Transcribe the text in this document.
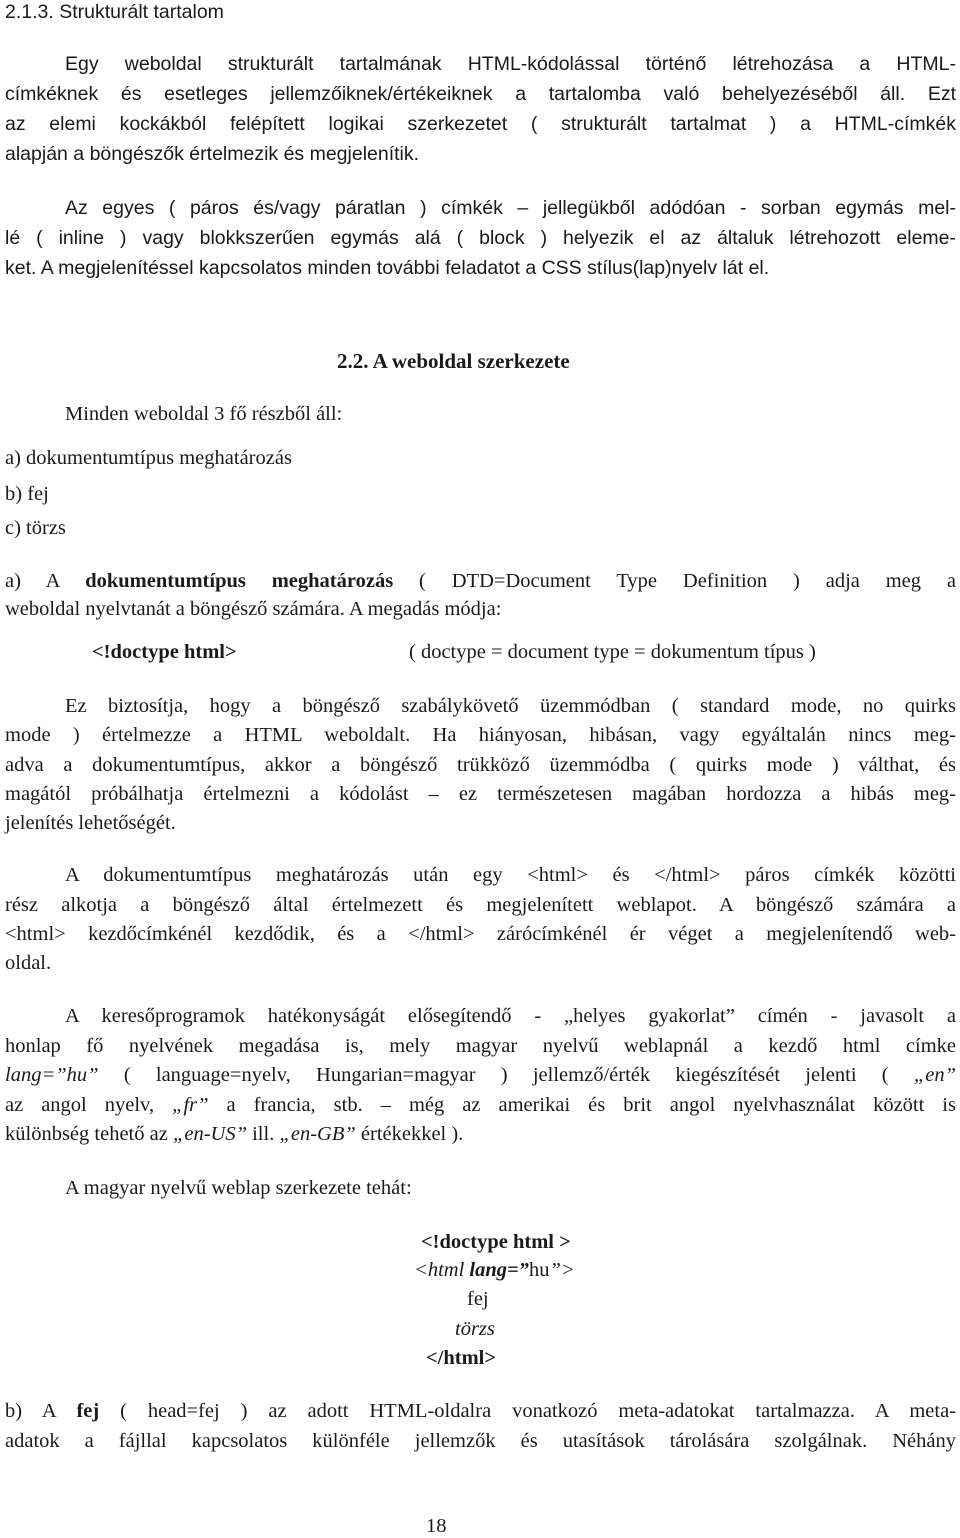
2.1.3. Strukturált tartalom
Egy weboldal strukturált tartalmának HTML-kódolással történő létrehozása a HTML-
címkéknek és esetleges jellemzőiknek/értékeiknek a tartalomba való behelyezéséből áll. Ezt
az elemi kockákból felépített logikai szerkezetet ( strukturált tartalmat ) a HTML-címkék
alapján a böngészők értelmezik és megjelenítik.
Az egyes ( páros és/vagy páratlan ) címkék – jellegükből adódóan - sorban egymás mel-
lé ( inline ) vagy blokkszerűen egymás alá ( block ) helyezik el az általuk létrehozott eleme-
ket. A megjelenítéssel kapcsolatos minden további feladatot a CSS stílus(lap)nyelv lát el.
2.2. A weboldal szerkezete
Minden weboldal 3 fő részből áll:
a) dokumentumtípus meghatározás
b) fej
c) törzs
a) A dokumentumtípus meghatározás ( DTD=Document Type Definition ) adja meg a
weboldal nyelvtanát a böngésző számára. A megadás módja:
<!doctype html>	( doctype = document type = dokumentum típus )
Ez biztosítja, hogy a böngésző szabálykövető üzemmódban ( standard mode, no quirks
mode ) értelmezze a HTML weboldalt. Ha hiányosan, hibásan, vagy egyáltalán nincs meg-
adva a dokumentumtípus, akkor a böngésző trükköző üzemmódba ( quirks mode ) válthat, és
magától próbálhatja értelmezni a kódolást – ez természetesen magában hordozza a hibás meg-
jelenítés lehetőségét.
A dokumentumtípus meghatározás után egy <html> és </html> páros címkék közötti
rész alkotja a böngésző által értelmezett és megjelenített weblapot. A böngésző számára a
<html> kezdőcímkénél kezdődik, és a </html> zárócímkénél ér véget a megjelenítendő web-
oldal.
A keresőprogramok hatékonyságát elősegítendő - „helyes gyakorlat” címén - javasolt a
honlap fő nyelvének megadása is, mely magyar nyelvű weblapnál a kezdő html címke
lang=”hu” ( language=nyelv, Hungarian=magyar ) jellemző/érték kiegészítését jelenti ( „en”
az angol nyelv, „fr” a francia, stb. – még az amerikai és brit angol nyelvhasználat között is
különbség tehető az „en-US” ill. „en-GB” értékekkel ).
A magyar nyelvű weblap szerkezete tehát:
<!doctype html >
<html lang=”hu”>
fej
törzs
</html>
b) A fej ( head=fej ) az adott HTML-oldalra vonatkozó meta-adatokat tartalmazza. A meta-
adatok a fájllal kapcsolatos különféle jellemzők és utasítások tárolására szolgálnak. Néhány
18
